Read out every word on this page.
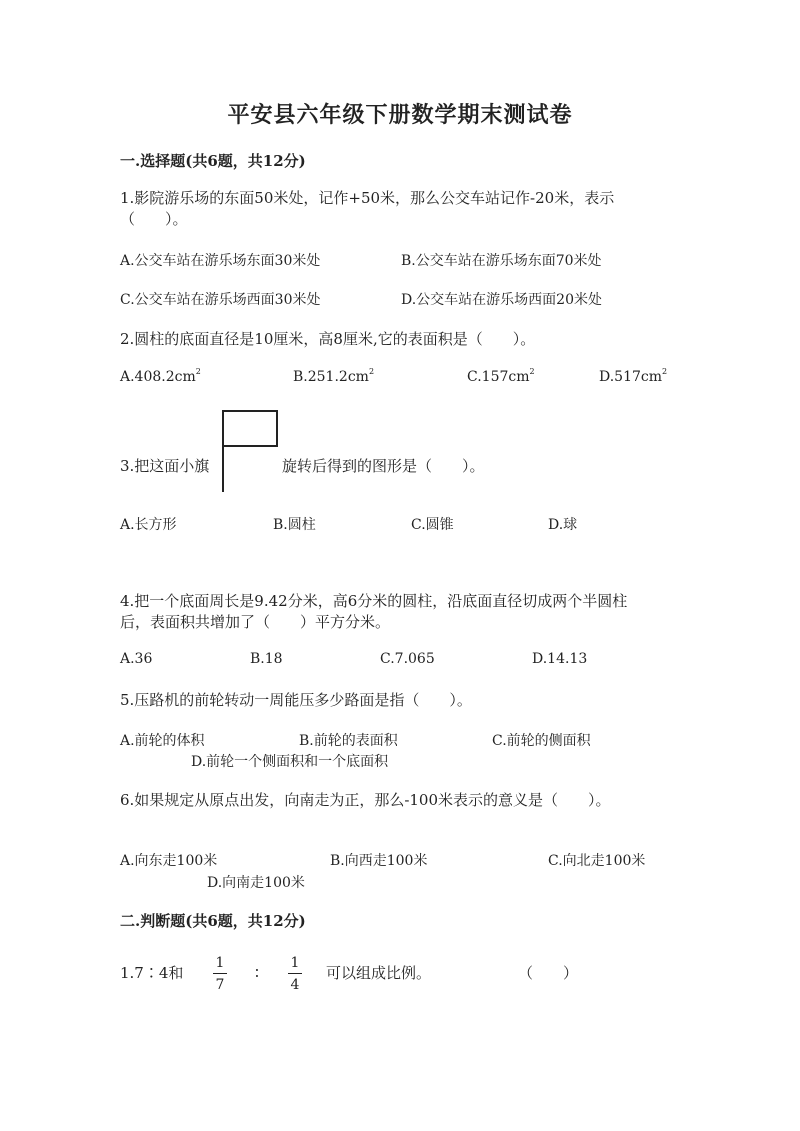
平安县六年级下册数学期末测试卷
一.选择题(共6题，共12分)
1.影院游乐场的东面50米处，记作+50米，那么公交车站记作-20米，表示
（　　）。
A.公交车站在游乐场东面30米处	B.公交车站在游乐场东面70米处
C.公交车站在游乐场西面30米处	D.公交车站在游乐场西面20米处
2.圆柱的底面直径是10厘米，高8厘米,它的表面积是（　　）。
$A.408.2cm^2$	$B.251.2cm^2$	$C.157cm^2$	$D.517cm^2$
3.把这面小旗	旋转后得到的图形是（　　）。
A.长方形	B.圆柱	C.圆锥	D.球
4.把一个底面周长是9.42分米，高6分米的圆柱，沿底面直径切成两个半圆柱
后，表面积共增加了（　　）平方分米。
A.36	B.18	C.7.065	D.14.13
5.压路机的前轮转动一周能压多少路面是指（　　）。
A.前轮的体积	B.前轮的表面积	C.前轮的侧面积
D.前轮一个侧面积和一个底面积
6.如果规定从原点出发，向南走为正，那么-100米表示的意义是（　　）。
A.向东走100米	B.向西走100米	C.向北走100米
D.向南走100米
二.判断题(共6题，共12分)
1.7∶4和
1
7
∶
1
4
可以组成比例。	（　　）
